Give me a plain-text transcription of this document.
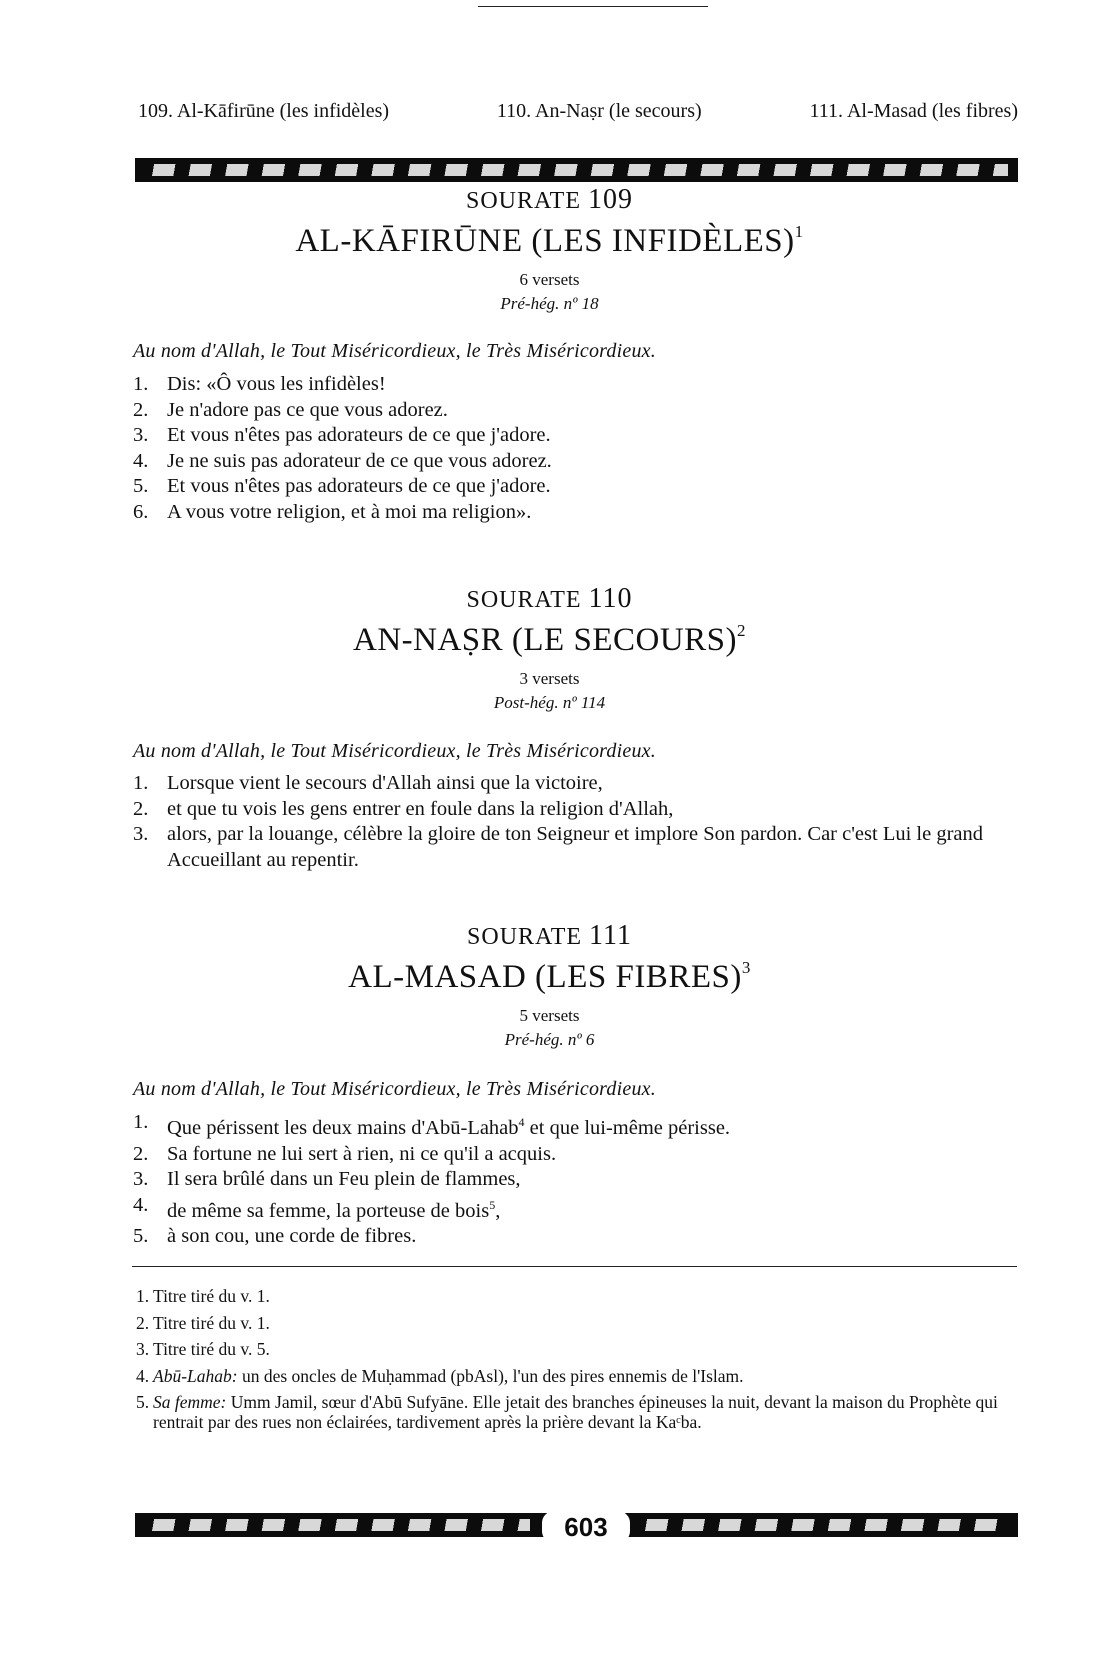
109. Al-Kāfirūne (les infidèles)	110. An-Naṣr (le secours)	111. Al-Masad (les fibres)
SOURATE 109
AL-KĀFIRŪNE (LES INFIDÈLES)$^1$
6 versets
Pré-hég. nº 18
Au nom d'Allah, le Tout Miséricordieux, le Très Miséricordieux.
1. Dis: «Ô vous les infidèles!
2. Je n'adore pas ce que vous adorez.
3. Et vous n'êtes pas adorateurs de ce que j'adore.
4. Je ne suis pas adorateur de ce que vous adorez.
5. Et vous n'êtes pas adorateurs de ce que j'adore.
6. A vous votre religion, et à moi ma religion».
SOURATE 110
AN-NAṢR (LE SECOURS)$^2$
3 versets
Post-hég. nº 114
Au nom d'Allah, le Tout Miséricordieux, le Très Miséricordieux.
1. Lorsque vient le secours d'Allah ainsi que la victoire,
2. et que tu vois les gens entrer en foule dans la religion d'Allah,
3. alors, par la louange, célèbre la gloire de ton Seigneur et implore Son pardon. Car c'est Lui le grand Accueillant au repentir.
SOURATE 111
AL-MASAD (LES FIBRES)$^3$
5 versets
Pré-hég. nº 6
Au nom d'Allah, le Tout Miséricordieux, le Très Miséricordieux.
1. Que périssent les deux mains d'Abū-Lahab$^4$ et que lui-même périsse.
2. Sa fortune ne lui sert à rien, ni ce qu'il a acquis.
3. Il sera brûlé dans un Feu plein de flammes,
4. de même sa femme, la porteuse de bois$^5$,
5. à son cou, une corde de fibres.
1. Titre tiré du v. 1.
2. Titre tiré du v. 1.
3. Titre tiré du v. 5.
4. Abū-Lahab: un des oncles de Muḥammad (pbAsl), l'un des pires ennemis de l'Islam.
5. Sa femme: Umm Jamil, sœur d'Abū Sufyāne. Elle jetait des branches épineuses la nuit, devant la maison du Prophète qui rentrait par des rues non éclairées, tardivement après la prière devant la Kaᶜba.
603
